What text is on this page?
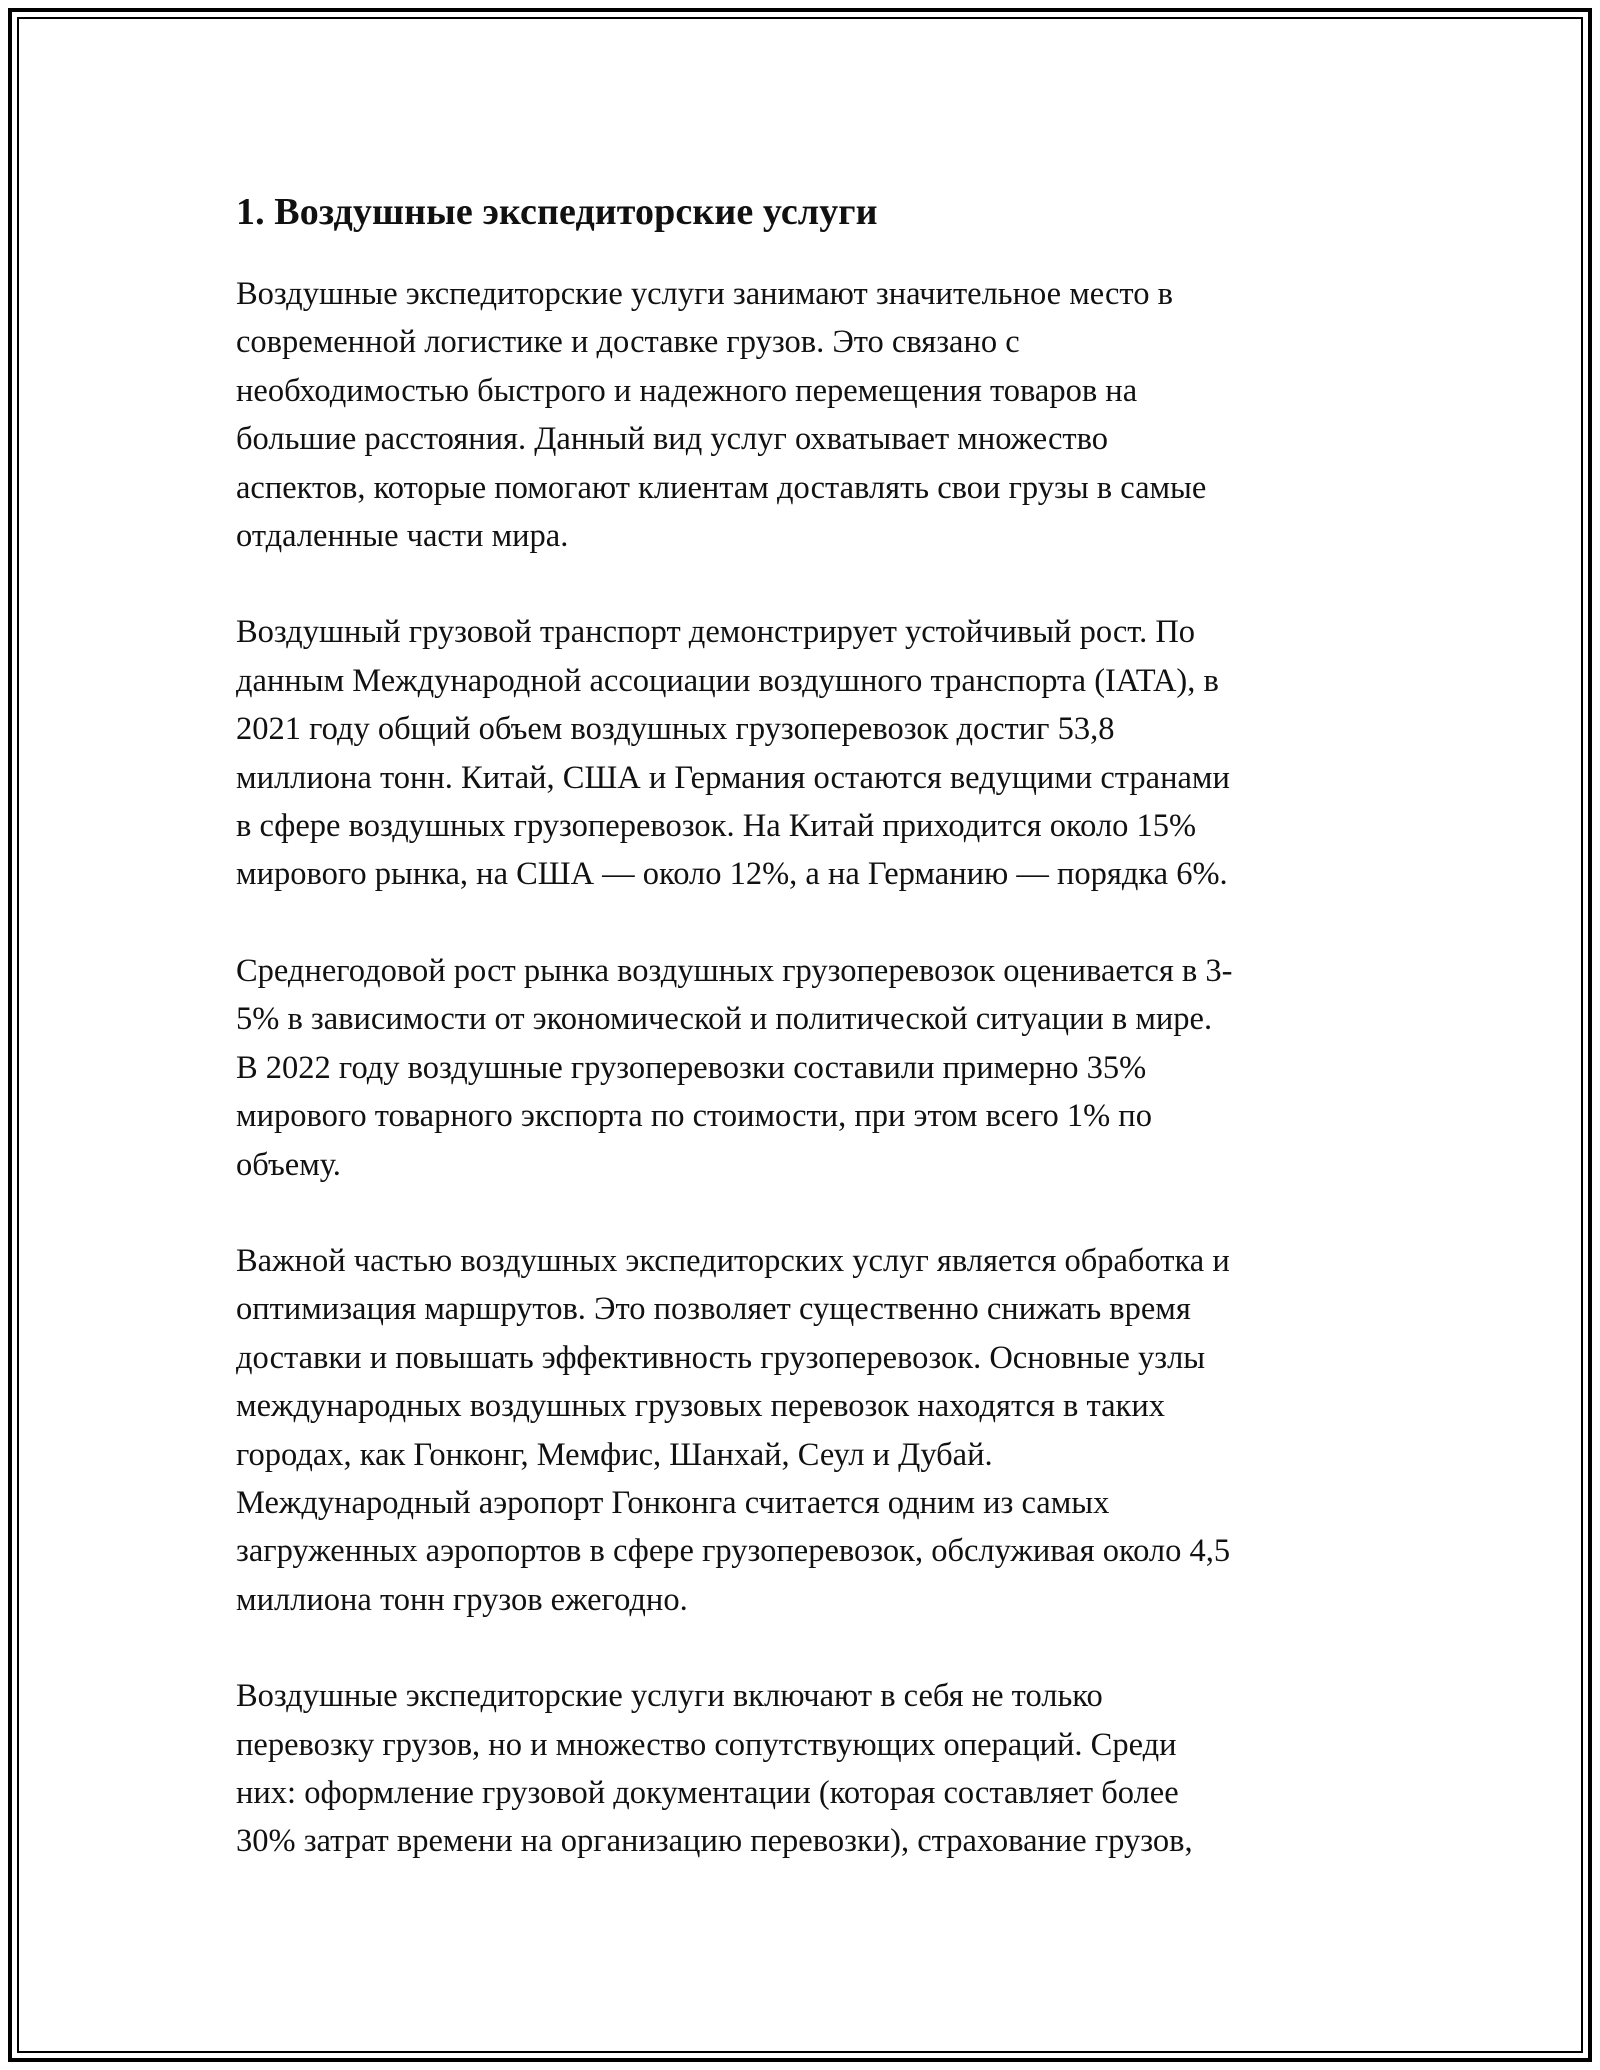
1. Воздушные экспедиторские услуги

Воздушные экспедиторские услуги занимают значительное место в
современной логистике и доставке грузов. Это связано с
необходимостью быстрого и надежного перемещения товаров на
большие расстояния. Данный вид услуг охватывает множество
аспектов, которые помогают клиентам доставлять свои грузы в самые
отдаленные части мира.

Воздушный грузовой транспорт демонстрирует устойчивый рост. По
данным Международной ассоциации воздушного транспорта (IATA), в
2021 году общий объем воздушных грузоперевозок достиг 53,8
миллиона тонн. Китай, США и Германия остаются ведущими странами
в сфере воздушных грузоперевозок. На Китай приходится около 15%
мирового рынка, на США — около 12%, а на Германию — порядка 6%.

Среднегодовой рост рынка воздушных грузоперевозок оценивается в 3-
5% в зависимости от экономической и политической ситуации в мире.
В 2022 году воздушные грузоперевозки составили примерно 35%
мирового товарного экспорта по стоимости, при этом всего 1% по
объему.

Важной частью воздушных экспедиторских услуг является обработка и
оптимизация маршрутов. Это позволяет существенно снижать время
доставки и повышать эффективность грузоперевозок. Основные узлы
международных воздушных грузовых перевозок находятся в таких
городах, как Гонконг, Мемфис, Шанхай, Сеул и Дубай.
Международный аэропорт Гонконга считается одним из самых
загруженных аэропортов в сфере грузоперевозок, обслуживая около 4,5
миллиона тонн грузов ежегодно.

Воздушные экспедиторские услуги включают в себя не только
перевозку грузов, но и множество сопутствующих операций. Среди
них: оформление грузовой документации (которая составляет более
30% затрат времени на организацию перевозки), страхование грузов,
